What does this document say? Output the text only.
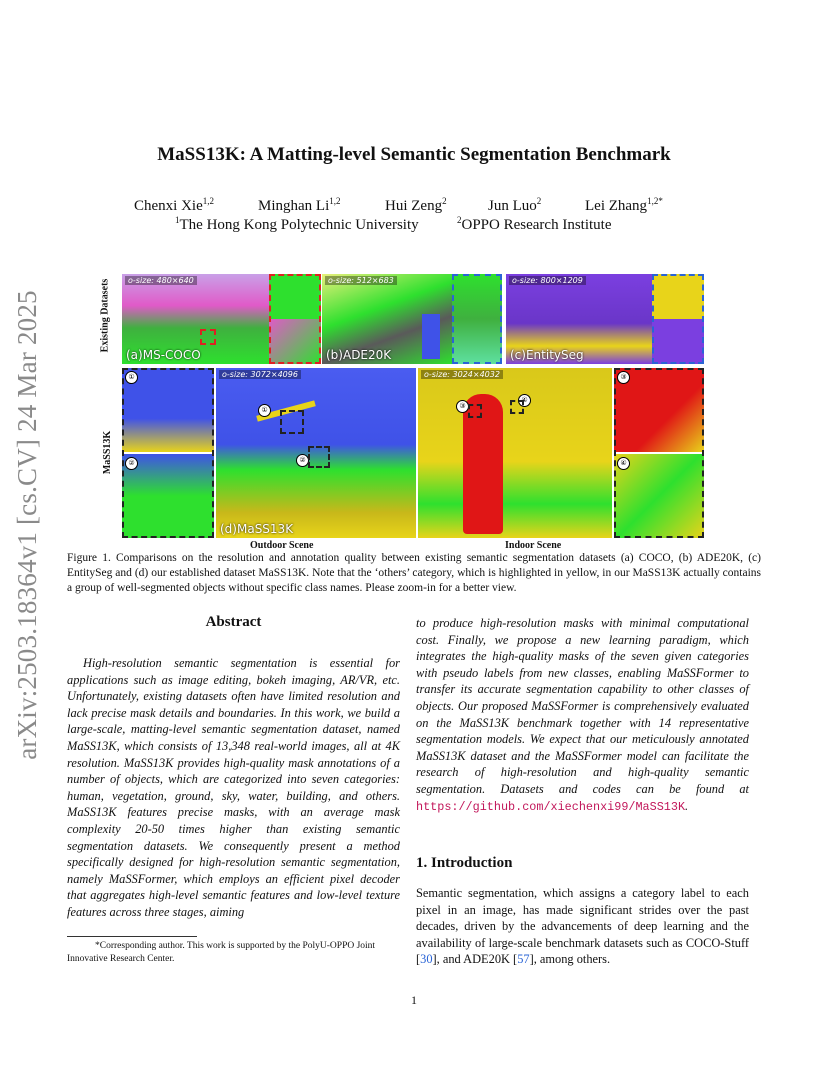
arXiv:2503.18364v1 [cs.CV] 24 Mar 2025
MaSS13K: A Matting-level Semantic Segmentation Benchmark
Chenxi Xie$^{1,2}$	Minghan Li$^{1,2}$	Hui Zeng$^2$	Jun Luo$^2$	Lei Zhang$^{1,2*}$
$^1$The Hong Kong Polytechnic University	$^2$OPPO Research Institute
Existing Datasets
MaSS13K
o-size: 480×640
(a)MS-COCO
o-size: 512×683
(b)ADE20K
o-size: 800×1209
(c)EntitySeg
①
②
o-size: 3072×4096
①
②
(d)MaSS13K
o-size: 3024×4032
③
④
③
④
Outdoor Scene	Indoor Scene
Figure 1. Comparisons on the resolution and annotation quality between existing semantic segmentation datasets (a) COCO, (b) ADE20K, (c) EntitySeg and (d) our established dataset MaSS13K. Note that the ‘others’ category, which is highlighted in yellow, in our MaSS13K actually contains a group of well-segmented objects without specific class names. Please zoom-in for a better view.
Abstract
High-resolution semantic segmentation is essential for applications such as image editing, bokeh imaging, AR/VR, etc. Unfortunately, existing datasets often have limited resolution and lack precise mask details and boundaries. In this work, we build a large-scale, matting-level semantic segmentation dataset, named MaSS13K, which consists of 13,348 real-world images, all at 4K resolution. MaSS13K provides high-quality mask annotations of a number of objects, which are categorized into seven categories: human, vegetation, ground, sky, water, building, and others. MaSS13K features precise masks, with an average mask complexity 20-50 times higher than existing semantic segmentation datasets. We consequently present a method specifically designed for high-resolution semantic segmentation, namely MaSSFormer, which employs an efficient pixel decoder that aggregates high-level semantic features and low-level texture features across three stages, aiming
to produce high-resolution masks with minimal computational cost. Finally, we propose a new learning paradigm, which integrates the high-quality masks of the seven given categories with pseudo labels from new classes, enabling MaSSFormer to transfer its accurate segmentation capability to other classes of objects. Our proposed MaSSFormer is comprehensively evaluated on the MaSS13K benchmark together with 14 representative segmentation models. We expect that our meticulously annotated MaSS13K dataset and the MaSSFormer model can facilitate the research of high-resolution and high-quality semantic segmentation. Datasets and codes can be found at https://github.com/xiechenxi99/MaSS13K.
1. Introduction
Semantic segmentation, which assigns a category label to each pixel in an image, has made significant strides over the past decades, driven by the advancements of deep learning and the availability of large-scale benchmark datasets such as COCO-Stuff [30], and ADE20K [57], among others.
*Corresponding author. This work is supported by the PolyU-OPPO Joint Innovative Research Center.
1
